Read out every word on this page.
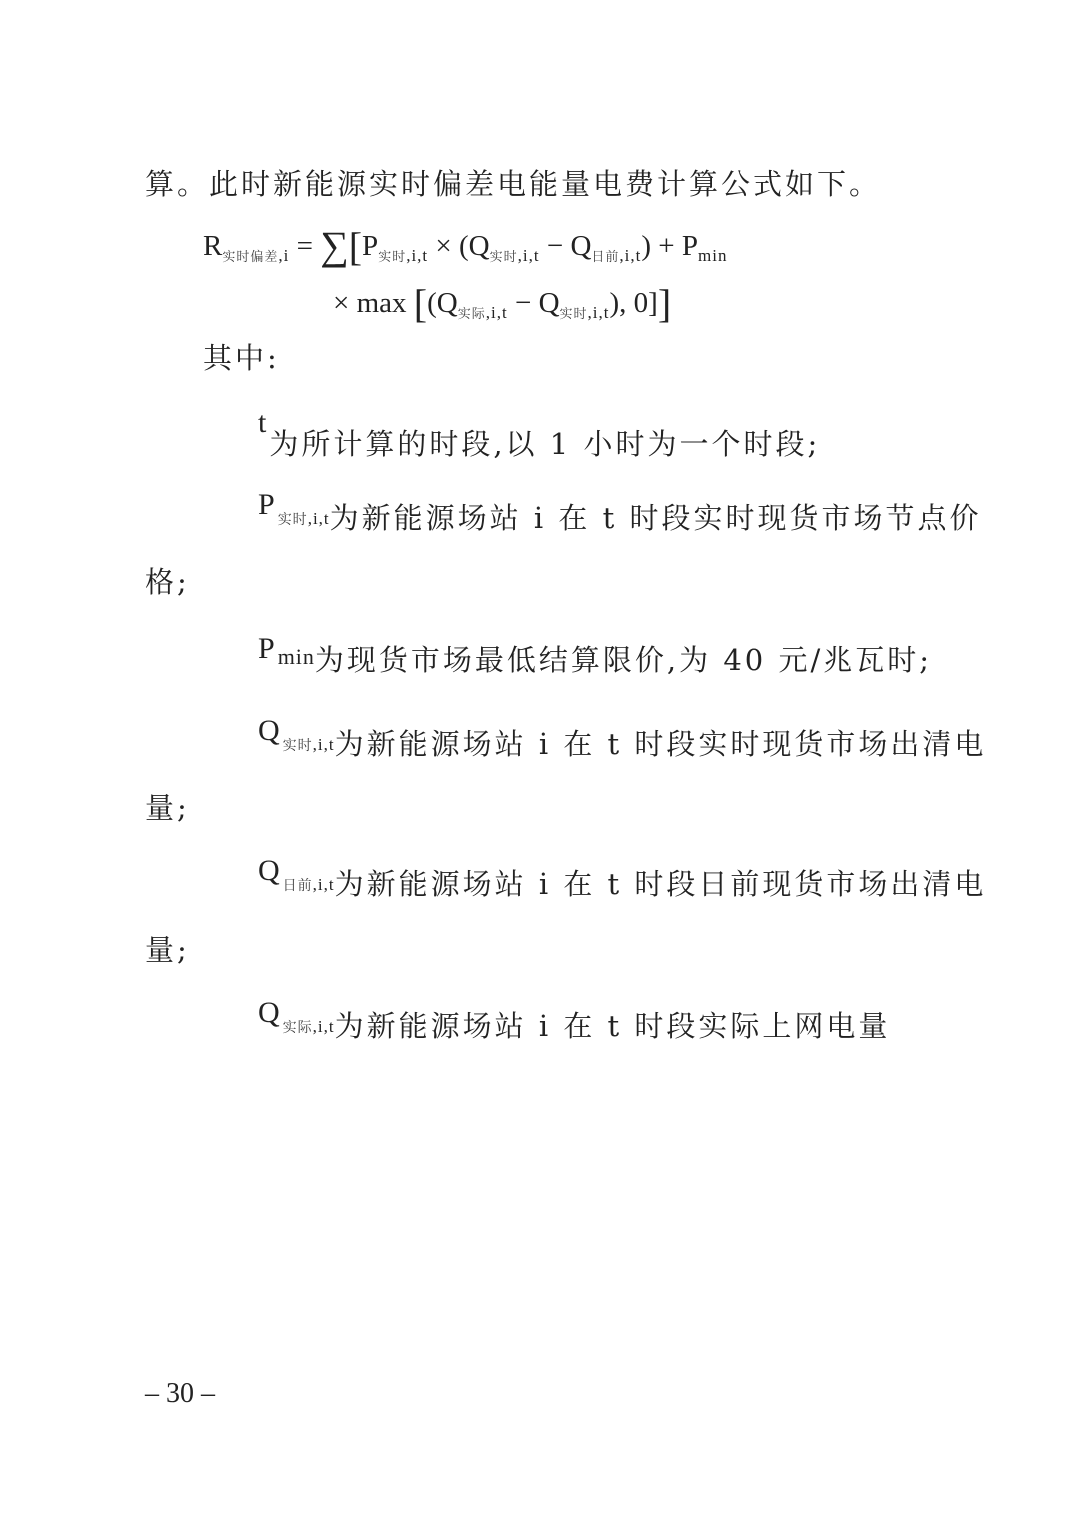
算。此时新能源实时偏差电能量电费计算公式如下。
$R_{实时偏差,i} = \sum[P_{实时,i,t} \times (Q_{实时,i,t} - Q_{日前,i,t}) + P_{min}$
× $\max [(Q_{实际,i,t} - Q_{实时,i,t})$, 0]]
其中:
t为所计算的时段,以 1 小时为一个时段;
$P_{实时,i,t}$为新能源场站 i 在 t 时段实时现货市场节点价
格;
$P_{min}$为现货市场最低结算限价,为 40 元/兆瓦时;
$Q_{实时,i,t}$为新能源场站 i 在 t 时段实时现货市场出清电
量;
$Q_{日前,i,t}$为新能源场站 i 在 t 时段日前现货市场出清电
量;
$Q_{实际,i,t}$为新能源场站 i 在 t 时段实际上网电量
– 30 –
